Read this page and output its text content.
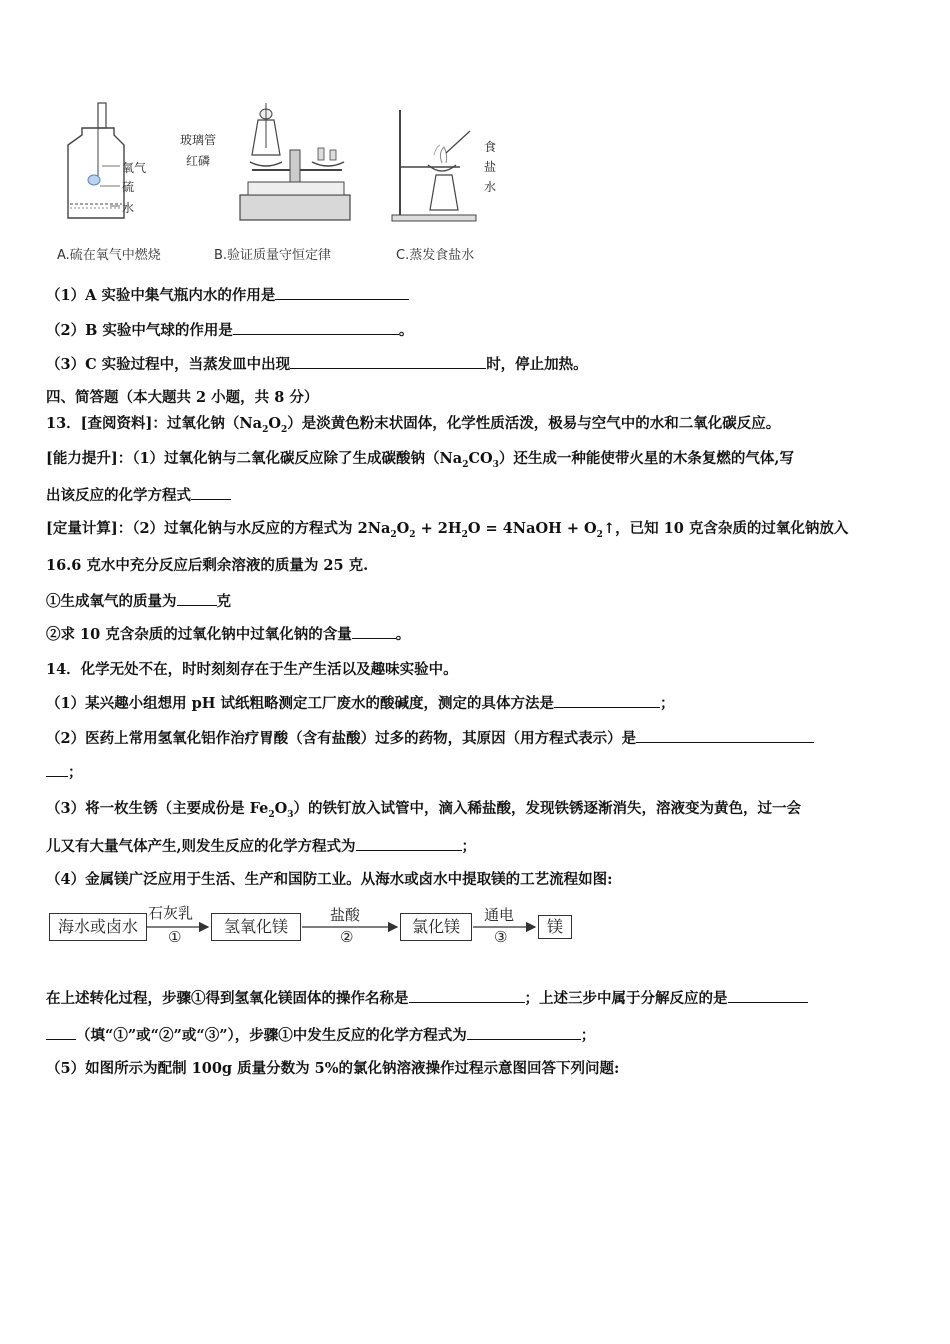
氧气
硫
水
A.硫在氧气中燃烧
玻璃管
红磷
B.验证质量守恒定律
食
盐
水
C.蒸发食盐水
（1）A 实验中集气瓶内水的作用是
（2）B 实验中气球的作用是	。
（3）C 实验过程中，当蒸发皿中出现	时，停止加热。
四、简答题（本大题共 2 小题，共 8 分）
13．[查阅资料]：过氧化钠$(Na_2O_2)$是淡黄色粉末状固体，化学性质活泼，极易与空气中的水和二氧化碳反应。
[能力提升]：（1）过氧化钠与二氧化碳反应除了生成碳酸钠$(Na_2CO_3)$还生成一种能使带火星的木条复燃的气体,写
出该反应的化学方程式
[定量计算]：（2）过氧化钠与水反应的方程式为 $2Na_2O_2 + 2H_2O$ = 4NaOH + $O_2↑$，已知 10 克含杂质的过氧化钠放入
16.6 克水中充分反应后剩余溶液的质量为 25 克.
①生成氧气的质量为	克
②求 10 克含杂质的过氧化钠中过氧化钠的含量	。
14．化学无处不在，时时刻刻存在于生产生活以及趣味实验中。
（1）某兴趣小组想用 pH 试纸粗略测定工厂废水的酸碱度，测定的具体方法是	；
（2）医药上常用氢氧化铝作治疗胃酸（含有盐酸）过多的药物，其原因（用方程式表示）是
；
（3）将一枚生锈（主要成份是 $Fe_2O_3$）的铁钉放入试管中，滴入稀盐酸，发现铁锈逐渐消失，溶液变为黄色，过一会
儿又有大量气体产生,则发生反应的化学方程式为	；
（4）金属镁广泛应用于生活、生产和国防工业。从海水或卤水中提取镁的工艺流程如图:
海水或卤水
石灰乳
①
氢氧化镁
盐酸
②
氯化镁
通电
③
镁
在上述转化过程，步骤①得到氢氧化镁固体的操作名称是	；上述三步中属于分解反应的是
（填“①”或“②”或“③”），步骤①中发生反应的化学方程式为	；
（5）如图所示为配制 100g 质量分数为 5%的氯化钠溶液操作过程示意图回答下列问题:
